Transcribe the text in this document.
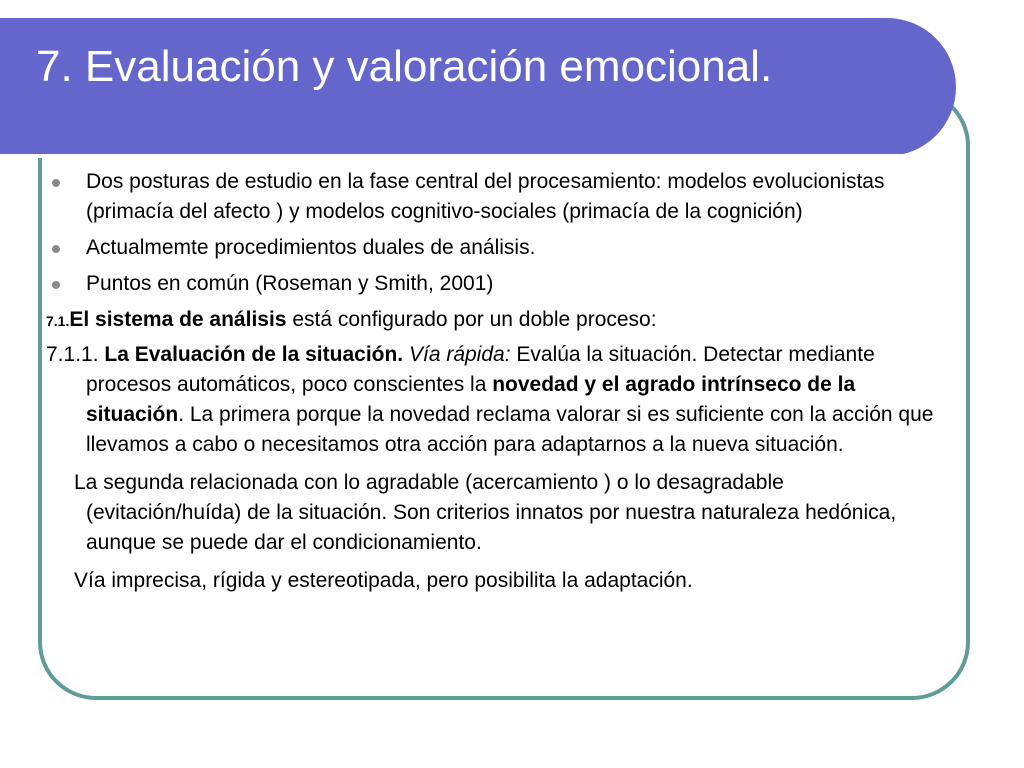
7. Evaluación y valoración emocional.
Dos posturas de estudio en la fase central del procesamiento: modelos evolucionistas (primacía del afecto ) y modelos cognitivo-sociales (primacía de la cognición)
Actualmemte procedimientos duales de análisis.
Puntos en común (Roseman y Smith, 2001)
7.1.El sistema de análisis está configurado por un doble proceso:
7.1.1. La Evaluación de la situación. Vía rápida: Evalúa la situación. Detectar mediante procesos automáticos, poco conscientes la novedad y el agrado intrínseco de la situación. La primera porque la novedad reclama valorar si es suficiente con la acción que llevamos a cabo o necesitamos otra acción para adaptarnos a la nueva situación.
La segunda relacionada con lo agradable (acercamiento ) o lo desagradable (evitación/huída) de la situación. Son criterios innatos por nuestra naturaleza hedónica, aunque se puede dar el condicionamiento.
Vía imprecisa, rígida y estereotipada, pero posibilita la adaptación.
